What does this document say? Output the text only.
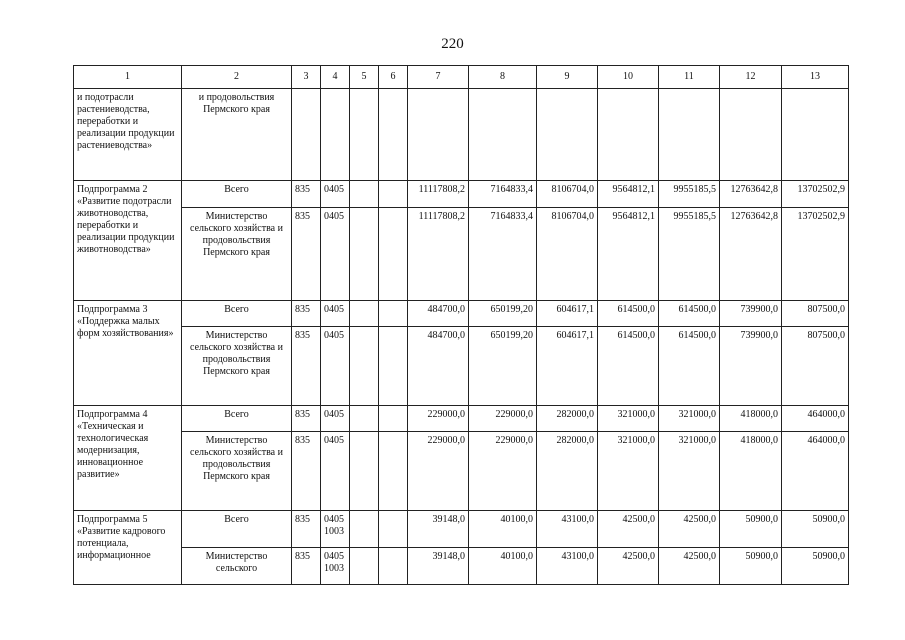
220
1	2	3	4	5	6	7	8	9	10	11	12	13
и подотрасли растениеводства, переработки и реализации продукции растениеводства»	и продовольствия Пермского края											
Подпрограмма 2 «Развитие подотрасли животноводства, переработки и реализации продукции животноводства»	Всего	835	0405			11117808,2	7164833,4	8106704,0	9564812,1	9955185,5	12763642,8	13702502,9
	Министерство сельского хозяйства и продовольствия Пермского края	835	0405			11117808,2	7164833,4	8106704,0	9564812,1	9955185,5	12763642,8	13702502,9
Подпрограмма 3 «Поддержка малых форм хозяйствования»	Всего	835	0405			484700,0	650199,20	604617,1	614500,0	614500,0	739900,0	807500,0
	Министерство сельского хозяйства и продовольствия Пермского края	835	0405			484700,0	650199,20	604617,1	614500,0	614500,0	739900,0	807500,0
Подпрограмма 4 «Техническая и технологическая модернизация, инновационное развитие»	Всего	835	0405			229000,0	229000,0	282000,0	321000,0	321000,0	418000,0	464000,0
	Министерство сельского хозяйства и продовольствия Пермского края	835	0405			229000,0	229000,0	282000,0	321000,0	321000,0	418000,0	464000,0
Подпрограмма 5 «Развитие кадрового потенциала, информационное	Всего	835	0405 1003			39148,0	40100,0	43100,0	42500,0	42500,0	50900,0	50900,0
	Министерство сельского	835	0405 1003			39148,0	40100,0	43100,0	42500,0	42500,0	50900,0	50900,0
